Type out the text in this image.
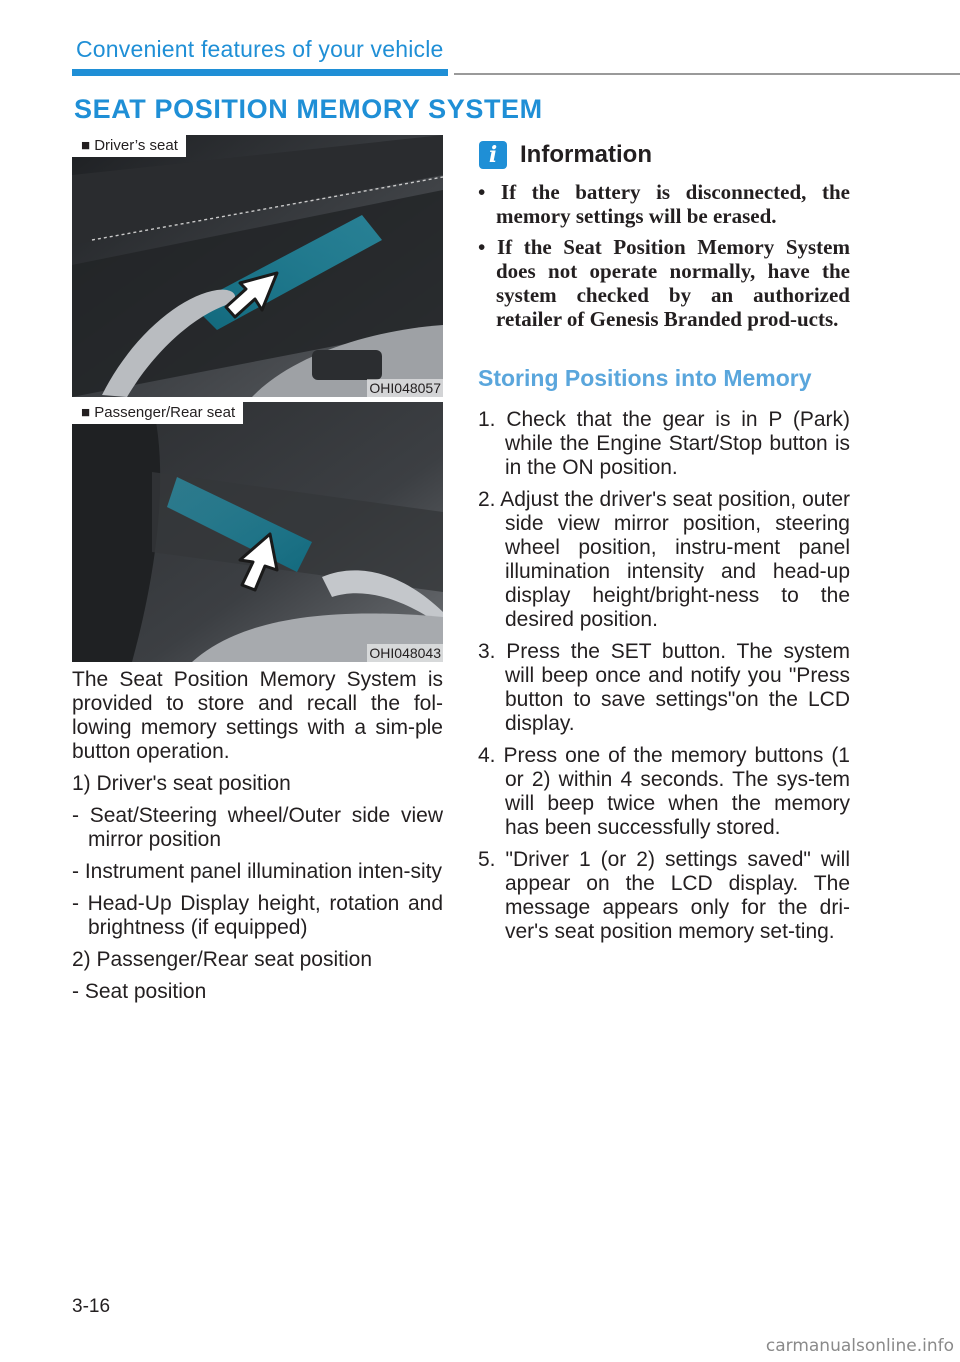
Convenient features of your vehicle
SEAT POSITION MEMORY SYSTEM
■ Driver’s seat
OHI048057
■ Passenger/Rear seat
OHI048043

The Seat Position Memory System is provided to store and recall the fol-lowing memory settings with a sim-ple button operation.

1) Driver's seat position

- Seat/Steering wheel/Outer side view mirror position

- Instrument panel illumination inten-sity

- Head-Up Display height, rotation and brightness (if equipped)

2) Passenger/Rear seat position

- Seat position

i Information
• If the battery is disconnected, the memory settings will be erased.
• If the Seat Position Memory System does not operate normally, have the system checked by an authorized retailer of Genesis Branded prod-ucts.
Storing Positions into Memory
1. Check that the gear is in P (Park) while the Engine Start/Stop button is in the ON position.
2. Adjust the driver's seat position, outer side view mirror position, steering wheel position, instru-ment panel illumination intensity and head-up display height/bright-ness to the desired position.
3. Press the SET button. The system will beep once and notify you "Press button to save settings"on the LCD display.
4. Press one of the memory buttons (1 or 2) within 4 seconds. The sys-tem will beep twice when the memory has been successfully stored.
5. "Driver 1 (or 2) settings saved" will appear on the LCD display. The message appears only for the dri-ver's seat position memory set-ting.
3-16
carmanualsonline.info
